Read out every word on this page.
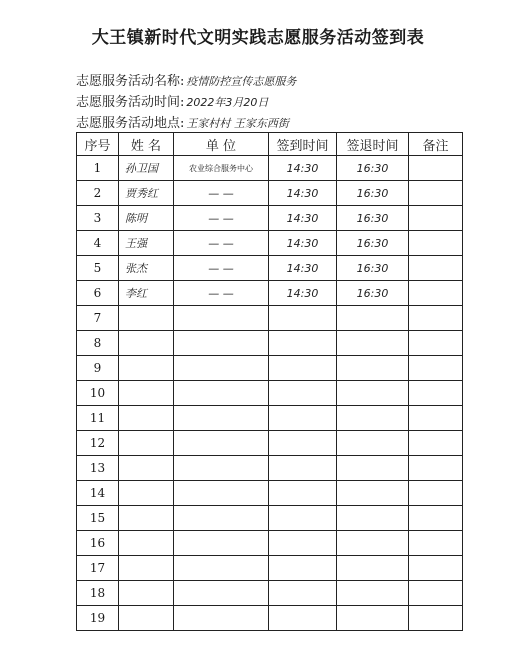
大王镇新时代文明实践志愿服务活动签到表
志愿服务活动名称: 疫情防控宣传志愿服务
志愿服务活动时间: 2022年3月20日
志愿服务活动地点: 王家村村 王家东西街
序号	姓 名	单 位	签到时间	签退时间	备注
1	孙卫国	农业综合服务中心	14:30	16:30	
2	贾秀红	— —	14:30	16:30	
3	陈明	— —	14:30	16:30	
4	王强	— —	14:30	16:30	
5	张杰	— —	14:30	16:30	
6	李红	— —	14:30	16:30	
7					
8					
9					
10					
11					
12					
13					
14					
15					
16					
17					
18					
19					
